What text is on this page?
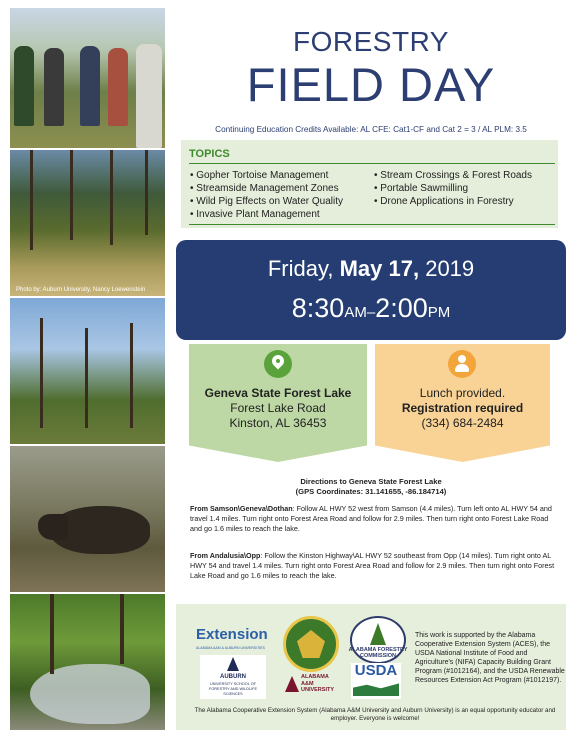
Photo by: Auburn University, Nancy Loewenstein
FORESTRY
FIELD DAY
Continuing Education Credits Available: AL CFE: Cat1-CF and Cat 2 = 3 / AL PLM: 3.5
TOPICS
• Gopher Tortoise Management
• Streamside Management Zones
• Wild Pig Effects on Water Quality
• Invasive Plant Management
• Stream Crossings & Forest Roads
• Portable Sawmilling
• Drone Applications in Forestry
Friday, May 17, 2019
8:30AM–2:00PM
Geneva State Forest Lake
Forest Lake Road
Kinston, AL 36453
Lunch provided.
Registration required
(334) 684-2484
Directions to Geneva State Forest Lake
(GPS Coordinates: 31.141655, -86.184714)

From Samson\Geneva\Dothan: Follow AL HWY 52 west from Samson (4.4 miles). Turn left onto AL HWY 54 and travel 1.4 miles. Turn right onto Forest Area Road and follow for 2.9 miles. Then turn right onto Forest Lake Road and go 1.6 miles to reach the lake.

From Andalusia\Opp: Follow the Kinston Highway\AL HWY 52 southeast from Opp (14 miles). Turn right onto AL HWY 54 and travel 1.4 miles. Turn right onto Forest Area Road and follow for 2.9 miles. Then turn right onto Forest Lake Road and go 1.6 miles to reach the lake.

Extension
ALABAMA A&M & AUBURN UNIVERSITIES	ALABAMA FORESTRY COMMISSION
AUBURN
UNIVERSITY SCHOOL OF FORESTRY AND WILDLIFE SCIENCES
ALABAMA A&M UNIVERSITY
USDA
This work is supported by the Alabama Cooperative Extension System (ACES), the USDA National Institute of Food and Agriculture's (NIFA) Capacity Building Grant Program (#1012164), and the USDA Renewable Resources Extension Act Program (#1012197).
The Alabama Cooperative Extension System (Alabama A&M University and Auburn University) is an equal opportunity educator and employer. Everyone is welcome!
